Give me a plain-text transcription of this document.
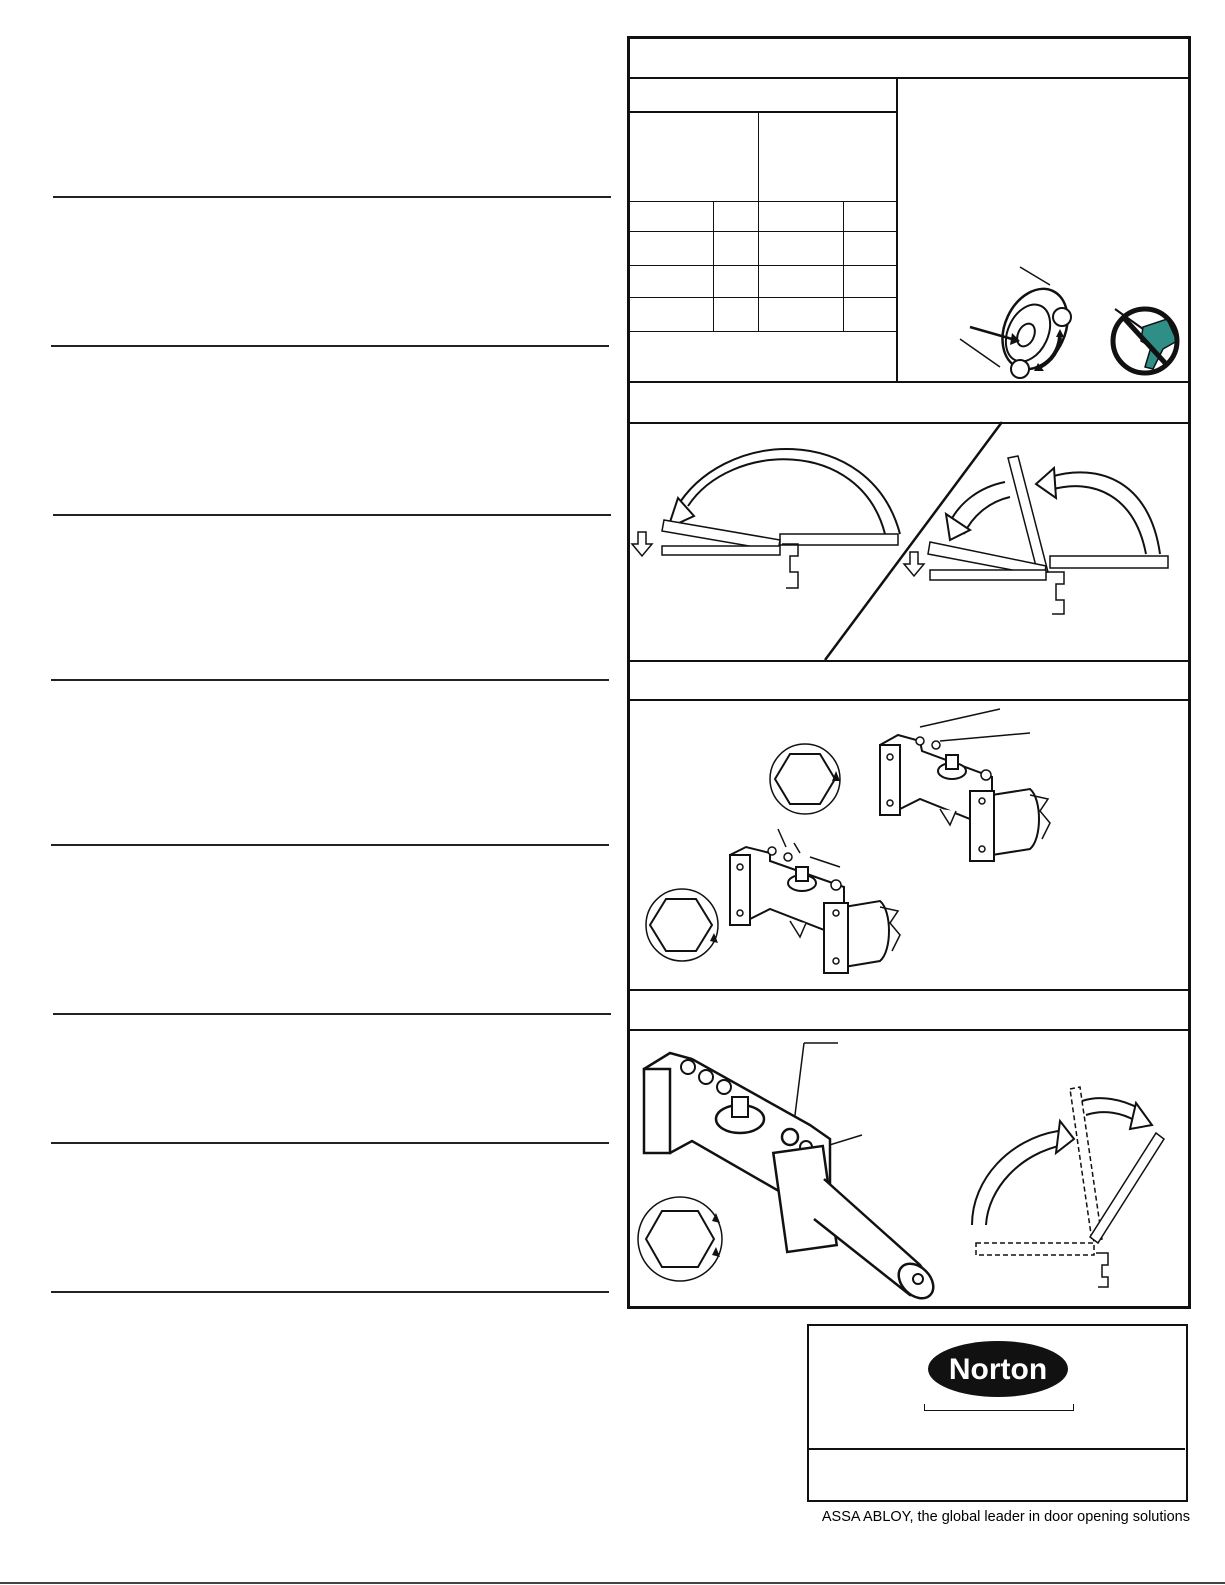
Norton
ASSA ABLOY, the global leader in door opening solutions
